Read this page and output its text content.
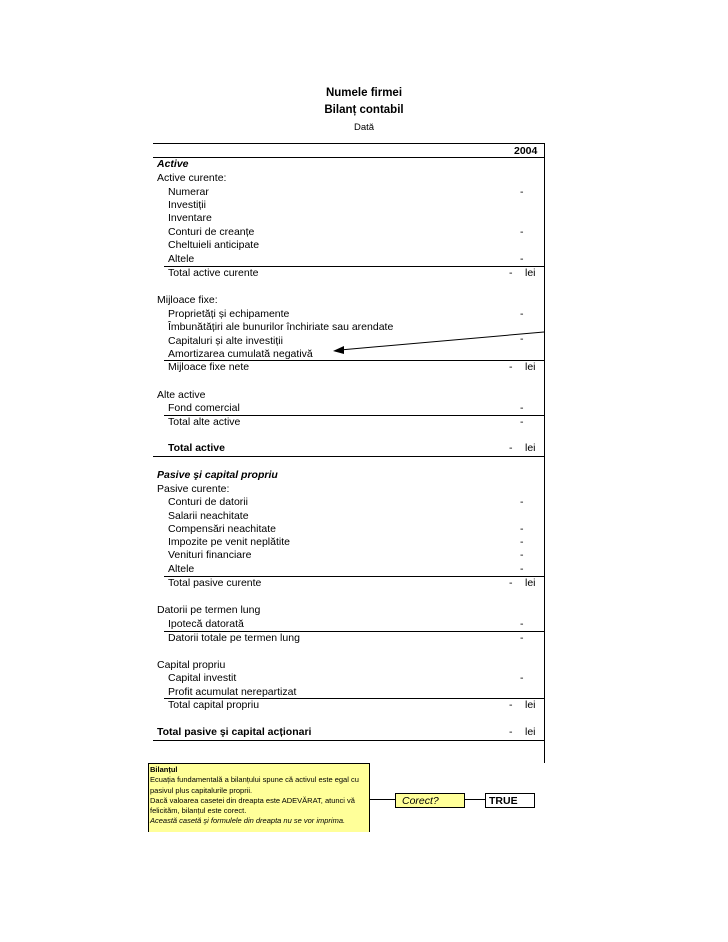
Numele firmei
Bilanț contabil
Dată
2004
Active
Active curente:
Numerar	-
Investiții
Inventare
Conturi de creanțe	-
Cheltuieli anticipate
Altele	-
Total active curente	- lei
Mijloace fixe:
Proprietăți și echipamente	-
Îmbunătățiri ale bunurilor închiriate sau arendate
Capitaluri și alte investiții	-
Amortizarea cumulată negativă
Mijloace fixe nete	- lei
Alte active
Fond comercial	-
Total alte active	-
Total active	- lei
Pasive şi capital propriu
Pasive curente:
Conturi de datorii	-
Salarii neachitate
Compensări neachitate	-
Impozite pe venit neplătite	-
Venituri financiare	-
Altele	-
Total pasive curente	- lei
Datorii pe termen lung
Ipotecă datorată	-
Datorii totale pe termen lung	-
Capital propriu
Capital investit	-
Profit acumulat nerepartizat
Total capital propriu	- lei
Total pasive şi capital acționari	- lei
Bilanțul
Ecuația fundamentală a bilanțului spune că activul este egal cu pasivul plus capitalurile proprii.
Dacă valoarea casetei din dreapta este ADEVĂRAT, atunci vă felicităm, bilanțul este corect.
Această casetă şi formulele din dreapta nu se vor imprima.
Corect?	TRUE
